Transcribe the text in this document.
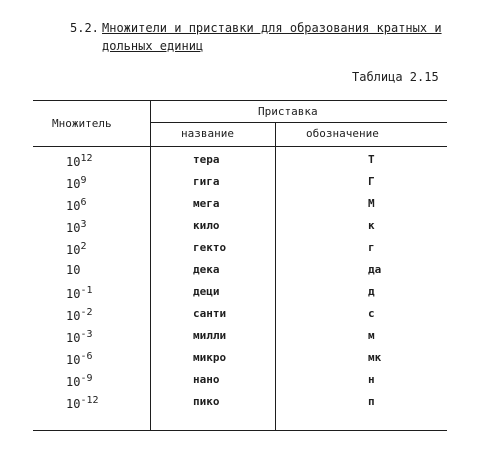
5.2. Множители и приставки для образования кратных и
дольных единиц
Таблица 2.15
Множитель
Приставка
название	обозначение
$10^{12}$	тера	Т
$10^9$	гига	Г
$10^6$	мега	М
$10^3$	кило	к
$10^2$	гекто	г
10	дека	да
$10^{-1}$	деци	д
$10^{-2}$	санти	с
$10^{-3}$	милли	м
$10^{-6}$	микро	мк
$10^{-9}$	нано	н
$10^{-12}$	пико	п
